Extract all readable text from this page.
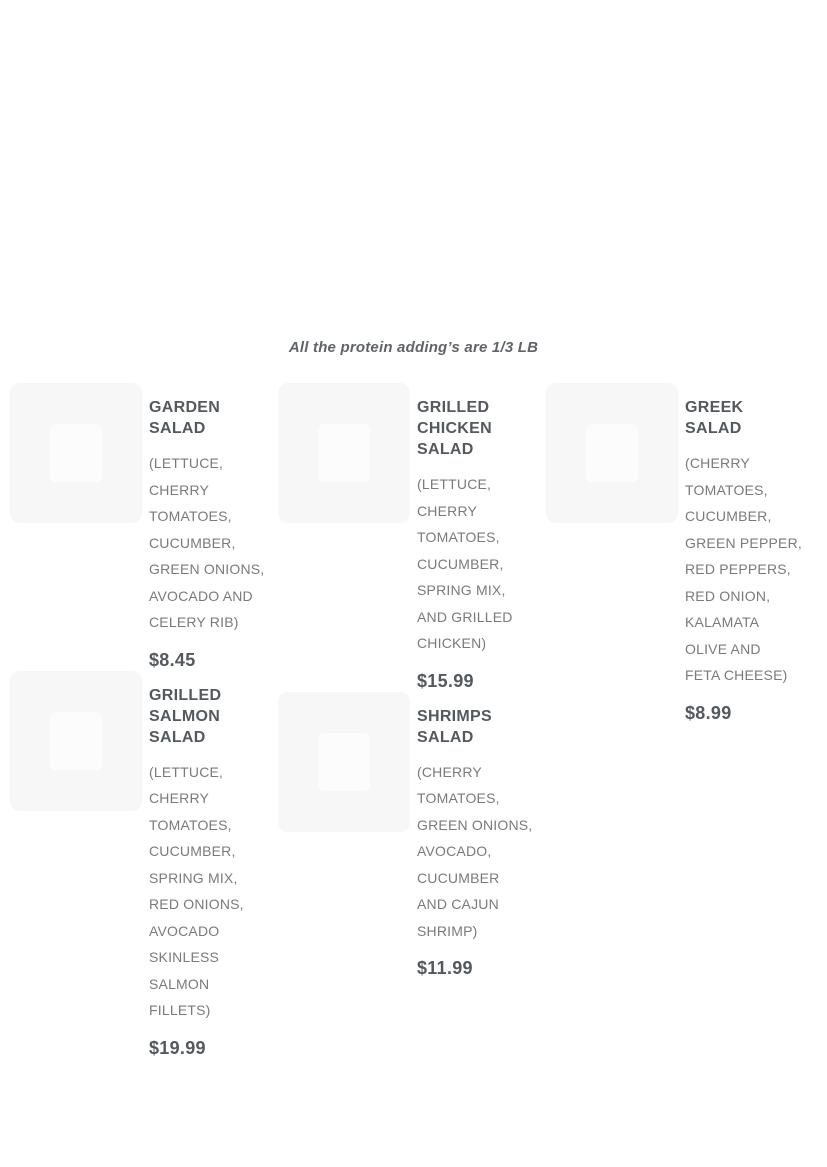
All the protein adding’s are 1/3 LB
GARDEN SALAD
(LETTUCE,
CHERRY
TOMATOES,
CUCUMBER,
GREEN ONIONS,
AVOCADO AND
CELERY RIB)
$8.45
GRILLED SALMON SALAD
(LETTUCE,
CHERRY
TOMATOES,
CUCUMBER,
SPRING MIX,
RED ONIONS,
AVOCADO
SKINLESS
SALMON
FILLETS)
$19.99
GRILLED CHICKEN SALAD
(LETTUCE,
CHERRY
TOMATOES,
CUCUMBER,
SPRING MIX,
AND GRILLED
CHICKEN)
$15.99
SHRIMPS SALAD
(CHERRY
TOMATOES,
GREEN ONIONS,
AVOCADO,
CUCUMBER
AND CAJUN
SHRIMP)
$11.99
GREEK SALAD
(CHERRY
TOMATOES,
CUCUMBER,
GREEN PEPPER,
RED PEPPERS,
RED ONION,
KALAMATA
OLIVE AND
FETA CHEESE)
$8.99
